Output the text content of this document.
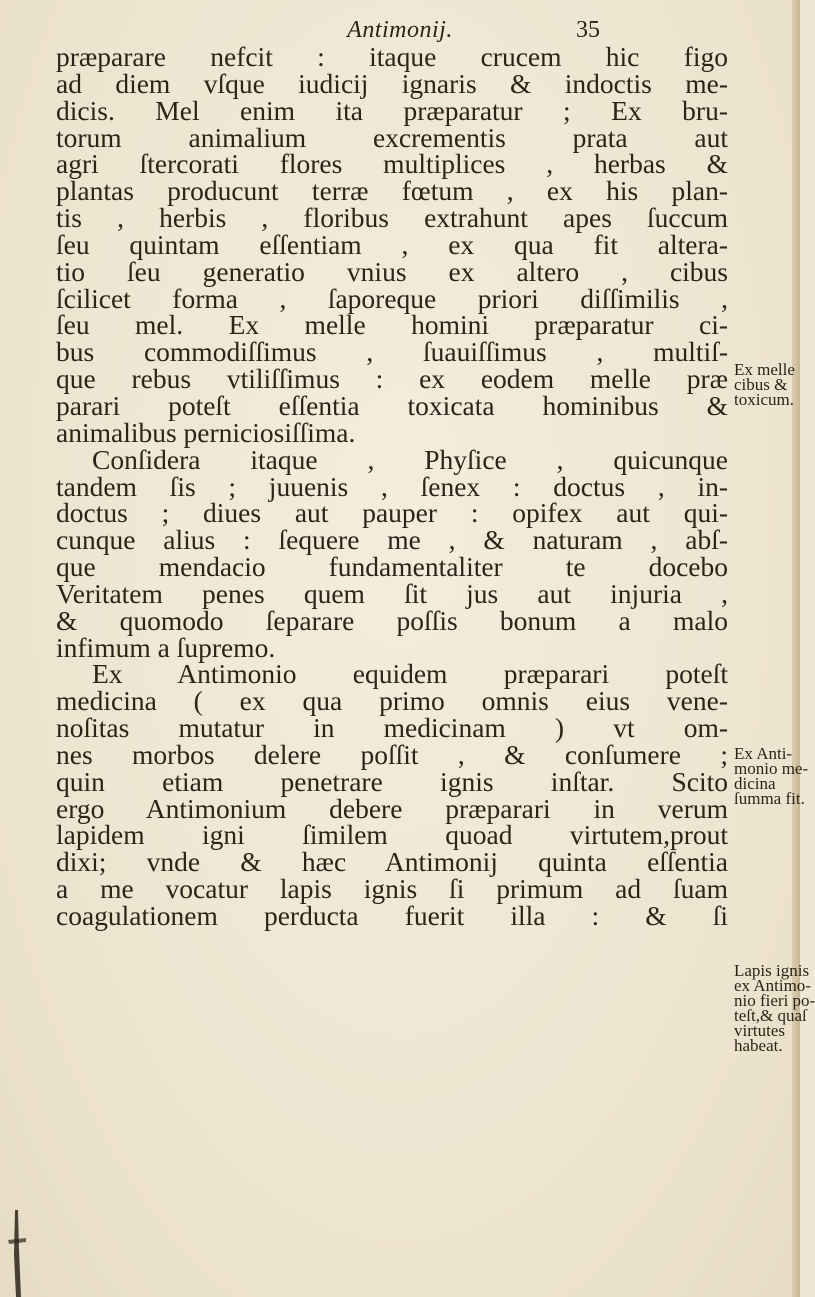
Antimonij.	35
præparare nefcit : itaque crucem hic figo
ad diem vſque iudicij ignaris & indoctis me-
dicis. Mel enim ita præparatur ; Ex bru-
torum animalium excrementis prata aut
agri ſtercorati flores multiplices , herbas &
plantas producunt terræ fœtum , ex his plan-
tis , herbis , floribus extrahunt apes ſuccum
ſeu quintam eſſentiam , ex qua fit altera-
tio ſeu generatio vnius ex altero , cibus
ſcilicet forma , ſaporeque priori diſſimilis ,
ſeu mel. Ex melle homini præparatur ci-
bus commodiſſimus , ſuauiſſimus , multiſ-
que rebus vtiliſſimus : ex eodem melle præ
parari poteſt eſſentia toxicata hominibus &
animalibus perniciosiſſima.
Conſidera itaque , Phyſice , quicunque
tandem ſis ; juuenis , ſenex : doctus , in-
doctus ; diues aut pauper : opifex aut qui-
cunque alius : ſequere me , & naturam , abſ-
que mendacio fundamentaliter te docebo
Veritatem penes quem ſit jus aut injuria ,
& quomodo ſeparare poſſis bonum a malo
infimum a ſupremo.
Ex Antimonio equidem præparari poteſt
medicina ( ex qua primo omnis eius vene-
noſitas mutatur in medicinam ) vt om-
nes morbos delere poſſit , & conſumere ;
quin etiam penetrare ignis inſtar. Scito
ergo Antimonium debere præparari in verum
lapidem igni ſimilem quoad virtutem,prout
dixi; vnde & hæc Antimonij quinta eſſentia
a me vocatur lapis ignis ſi primum ad ſuam
coagulationem perducta fuerit illa : & ſi
Ex melle
cibus &
toxicum.
Ex Anti-
monio me-
dicina
ſumma fit.
Lapis ignis
ex Antimo-
nio fieri po-
teſt,& quaſ
virtutes
habeat.
